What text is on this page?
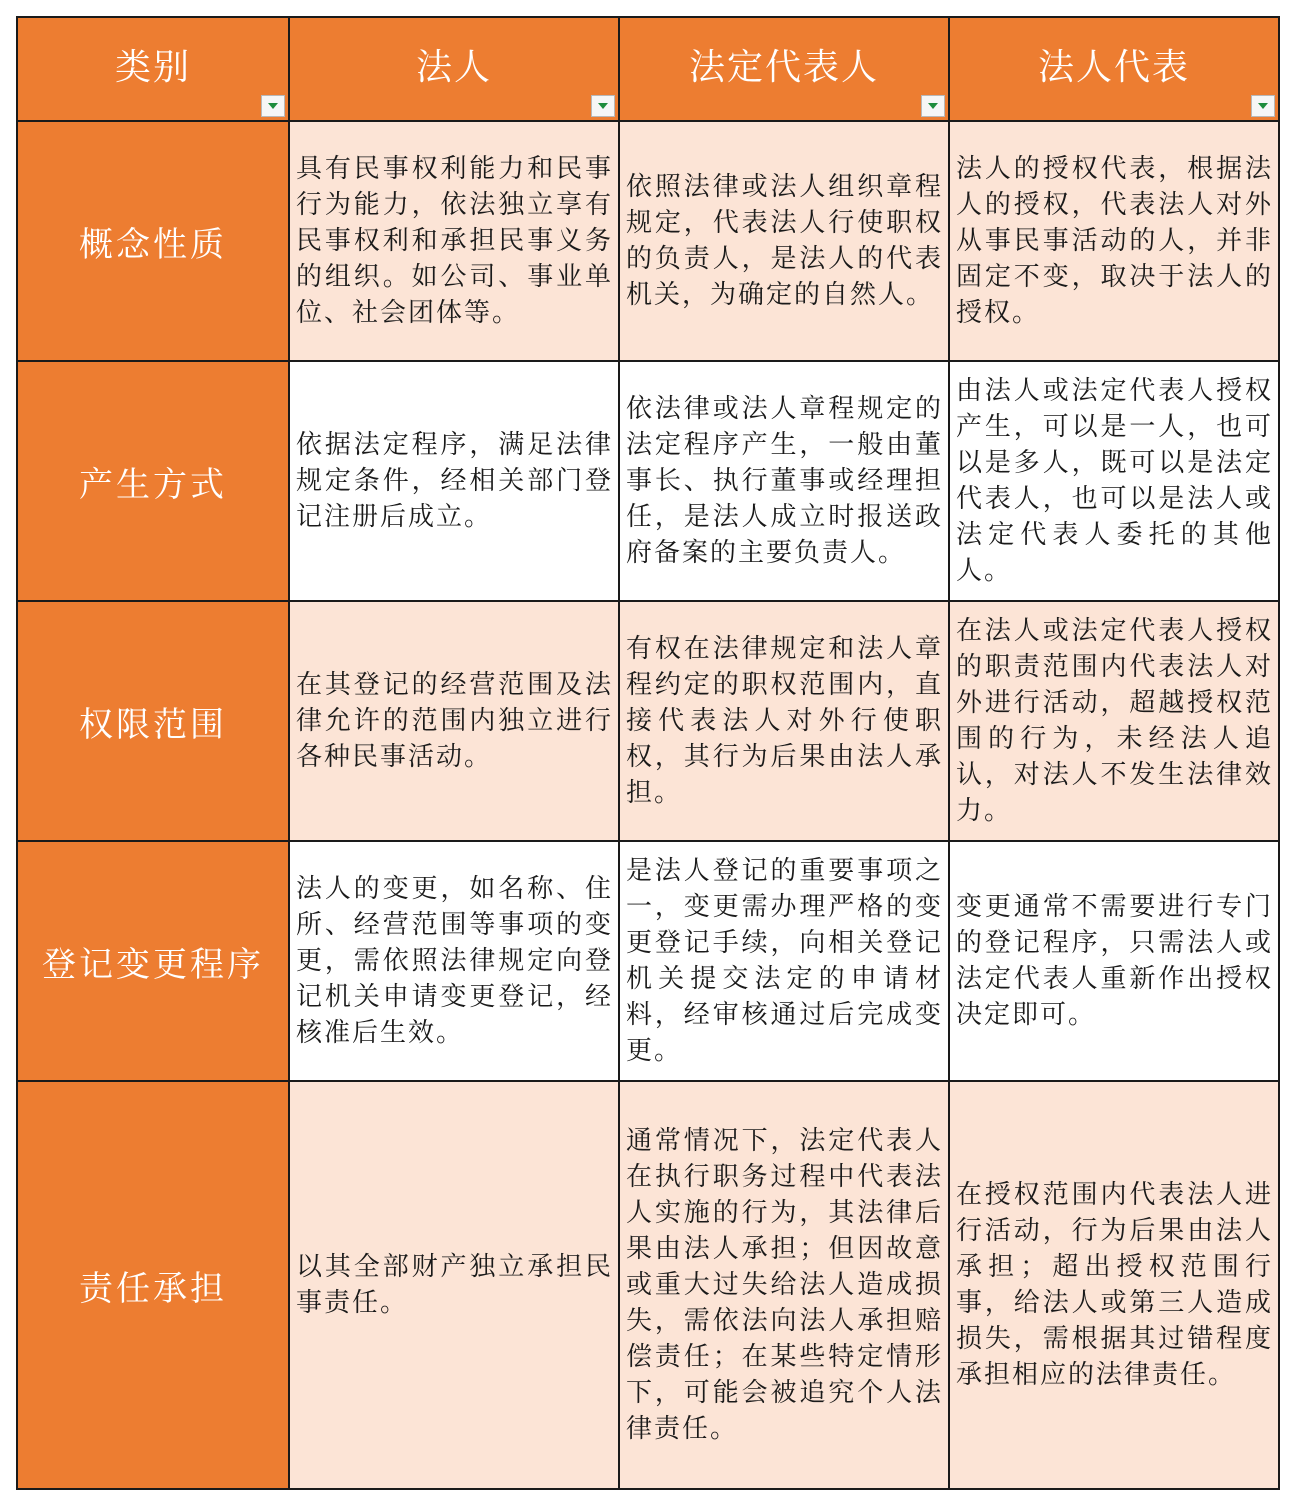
类别	法人	法定代表人	法人代表

概念性质	具有民事权利能力和民事行为能力，依法独立享有民事权利和承担民事义务的组织。如公司、事业单位、社会团体等。	依照法律或法人组织章程规定，代表法人行使职权的负责人，是法人的代表机关，为确定的自然人。	法人的授权代表，根据法人的授权，代表法人对外从事民事活动的人，并非固定不变，取决于法人的授权。
产生方式	依据法定程序，满足法律规定条件，经相关部门登记注册后成立。	依法律或法人章程规定的法定程序产生，一般由董事长、执行董事或经理担任，是法人成立时报送政府备案的主要负责人。	由法人或法定代表人授权产生，可以是一人，也可以是多人，既可以是法定代表人，也可以是法人或法定代表人委托的其他人。
权限范围	在其登记的经营范围及法律允许的范围内独立进行各种民事活动。	有权在法律规定和法人章程约定的职权范围内，直接代表法人对外行使职权，其行为后果由法人承担。	在法人或法定代表人授权的职责范围内代表法人对外进行活动，超越授权范围的行为，未经法人追认，对法人不发生法律效力。
登记变更程序	法人的变更，如名称、住所、经营范围等事项的变更，需依照法律规定向登记机关申请变更登记，经核准后生效。	是法人登记的重要事项之一，变更需办理严格的变更登记手续，向相关登记机关提交法定的申请材料，经审核通过后完成变更。	变更通常不需要进行专门的登记程序，只需法人或法定代表人重新作出授权决定即可。
责任承担	以其全部财产独立承担民事责任。	通常情况下，法定代表人在执行职务过程中代表法人实施的行为，其法律后果由法人承担；但因故意或重大过失给法人造成损失，需依法向法人承担赔偿责任；在某些特定情形下，可能会被追究个人法律责任。	在授权范围内代表法人进行活动，行为后果由法人承担；超出授权范围行事，给法人或第三人造成损失，需根据其过错程度承担相应的法律责任。
